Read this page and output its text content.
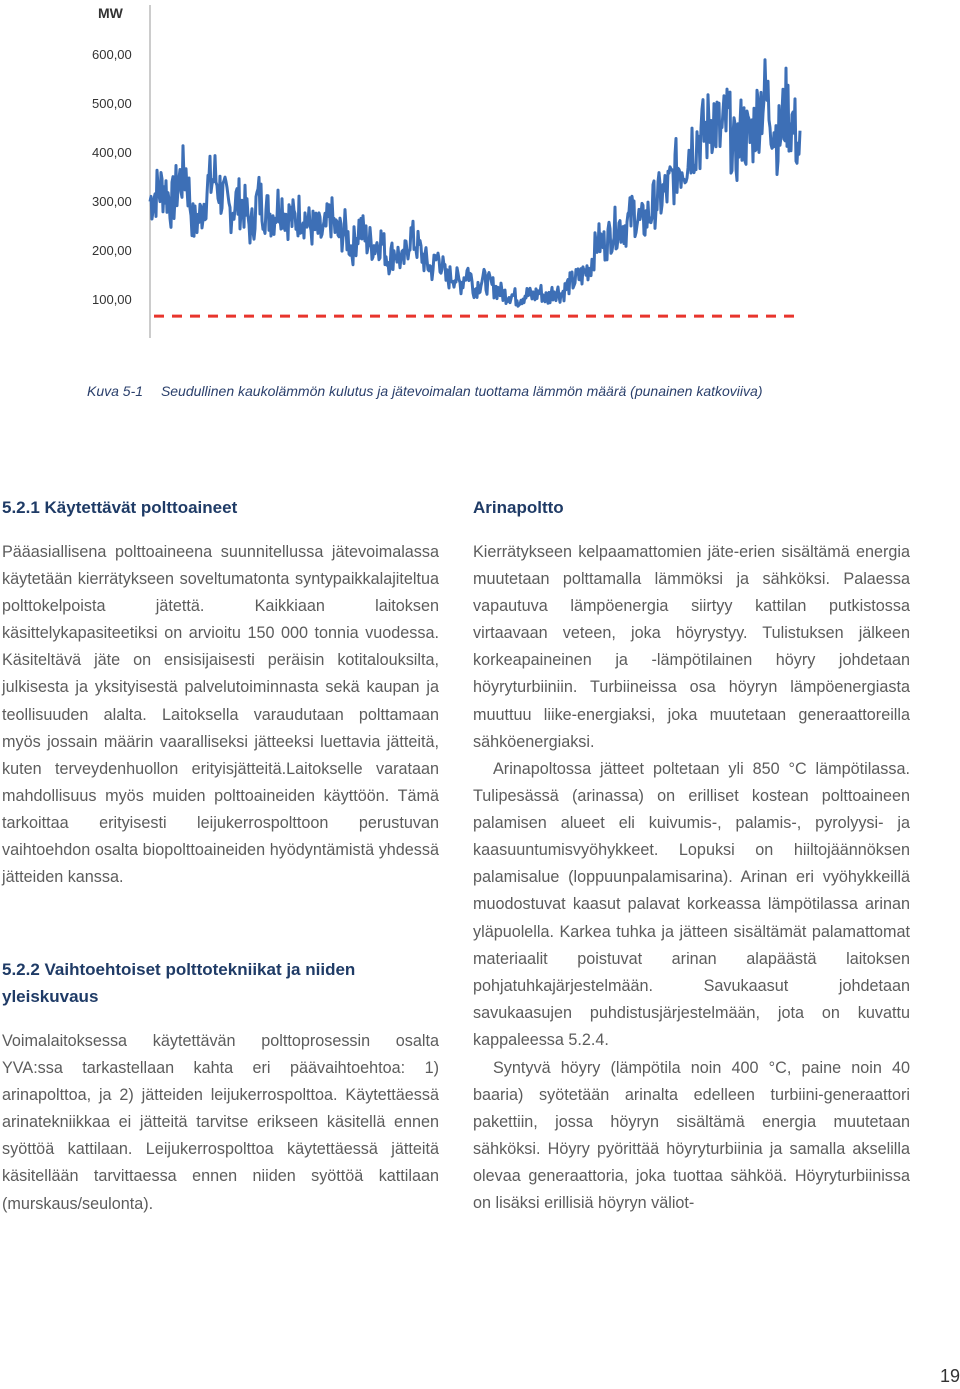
MW
600,00
500,00
400,00
300,00
200,00
100,00
Kuva 5-1 Seudullinen kaukolämmön kulutus ja jätevoimalan tuottama lämmön määrä (punainen katkoviiva)
5.2.1 Käytettävät polttoaineet

Pääasiallisena polttoaineena suunnitellussa jätevoimalassa käytetään kierrätykseen soveltumatonta syntypaikkalajiteltua polttokelpoista jätettä. Kaikkiaan laitoksen käsittelykapasiteetiksi on arvioitu 150 000 tonnia vuodessa. Käsiteltävä jäte on ensisijaisesti peräisin kotitalouksilta, julkisesta ja yksityisestä palvelutoiminnasta sekä kaupan ja teollisuuden alalta. Laitoksella varaudutaan polttamaan myös jossain määrin vaaralliseksi jätteeksi luettavia jätteitä, kuten terveydenhuollon erityisjätteitä.Laitokselle varataan mahdollisuus myös muiden polttoaineiden käyttöön. Tämä tarkoittaa erityisesti leijukerrospolttoon perustuvan vaihtoehdon osalta biopolttoaineiden hyödyntämistä yhdessä jätteiden kanssa.

5.2.2 Vaihtoehtoiset polttotekniikat ja niiden yleiskuvaus

Voimalaitoksessa käytettävän polttoprosessin osalta YVA:ssa tarkastellaan kahta eri päävaihtoehtoa: 1) arinapolttoa, ja 2) jätteiden leijukerrospolttoa. Käytettäessä arinatekniikkaa ei jätteitä tarvitse erikseen käsitellä ennen syöttöä kattilaan. Leijukerrospolttoa käytettäessä jätteitä käsitellään tarvittaessa ennen niiden syöttöä kattilaan (murskaus/seulonta).

Arinapoltto

Kierrätykseen kelpaamattomien jäte-erien sisältämä energia muutetaan polttamalla lämmöksi ja sähköksi. Palaessa vapautuva lämpöenergia siirtyy kattilan putkistossa virtaavaan veteen, joka höyrystyy. Tulistuksen jälkeen korkeapaineinen ja -lämpötilainen höyry johdetaan höyryturbiiniin. Turbiineissa osa höyryn lämpöenergiasta muuttuu liike-energiaksi, joka muutetaan generaattoreilla sähköenergiaksi.

Arinapoltossa jätteet poltetaan yli 850 °C lämpötilassa. Tulipesässä (arinassa) on erilliset kostean polttoaineen palamisen alueet eli kuivumis-, palamis-, pyrolyysi- ja kaasuuntumisvyöhykkeet. Lopuksi on hiiltojäännöksen palamisalue (loppuunpalamisarina). Arinan eri vyöhykkeillä muodostuvat kaasut palavat korkeassa lämpötilassa arinan yläpuolella. Karkea tuhka ja jätteen sisältämät palamattomat materiaalit poistuvat arinan alapäästä laitoksen pohjatuhkajärjestelmään. Savukaasut johdetaan savukaasujen puhdistusjärjestelmään, jota on kuvattu kappaleessa 5.2.4.

Syntyvä höyry (lämpötila noin 400 °C, paine noin 40 baaria) syötetään arinalta edelleen turbiini-generaattori pakettiin, jossa höyryn sisältämä energia muutetaan sähköksi. Höyry pyörittää höyryturbiinia ja samalla akselilla olevaa generaattoria, joka tuottaa sähköä. Höyryturbiinissa on lisäksi erillisiä höyryn väliot-

19
